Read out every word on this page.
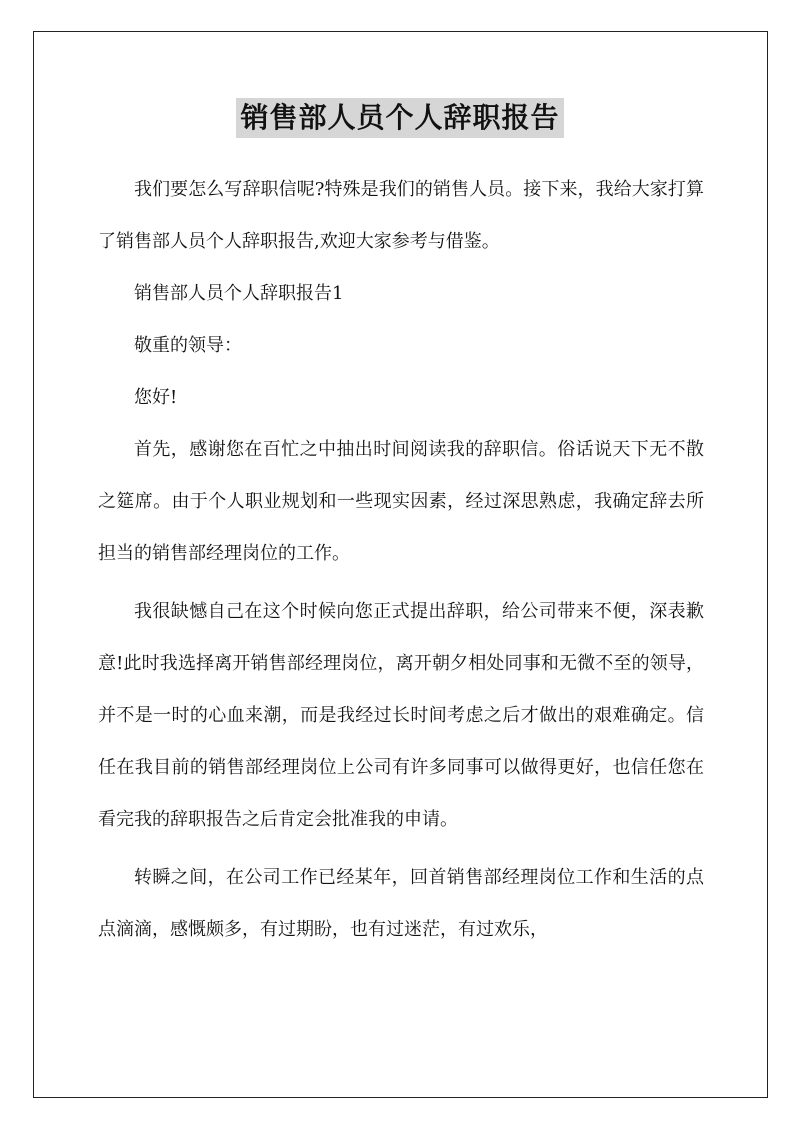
销售部人员个人辞职报告

我们要怎么写辞职信呢?特殊是我们的销售人员。接下来，我给大家打算了销售部人员个人辞职报告,欢迎大家参考与借鉴。

销售部人员个人辞职报告1

敬重的领导：

您好!

首先，感谢您在百忙之中抽出时间阅读我的辞职信。俗话说天下无不散之筵席。由于个人职业规划和一些现实因素，经过深思熟虑，我确定辞去所担当的销售部经理岗位的工作。

我很缺憾自己在这个时候向您正式提出辞职，给公司带来不便，深表歉意!此时我选择离开销售部经理岗位，离开朝夕相处同事和无微不至的领导，并不是一时的心血来潮，而是我经过长时间考虑之后才做出的艰难确定。信任在我目前的销售部经理岗位上公司有许多同事可以做得更好，也信任您在看完我的辞职报告之后肯定会批准我的申请。

转瞬之间，在公司工作已经某年，回首销售部经理岗位工作和生活的点点滴滴，感慨颇多，有过期盼，也有过迷茫，有过欢乐，
